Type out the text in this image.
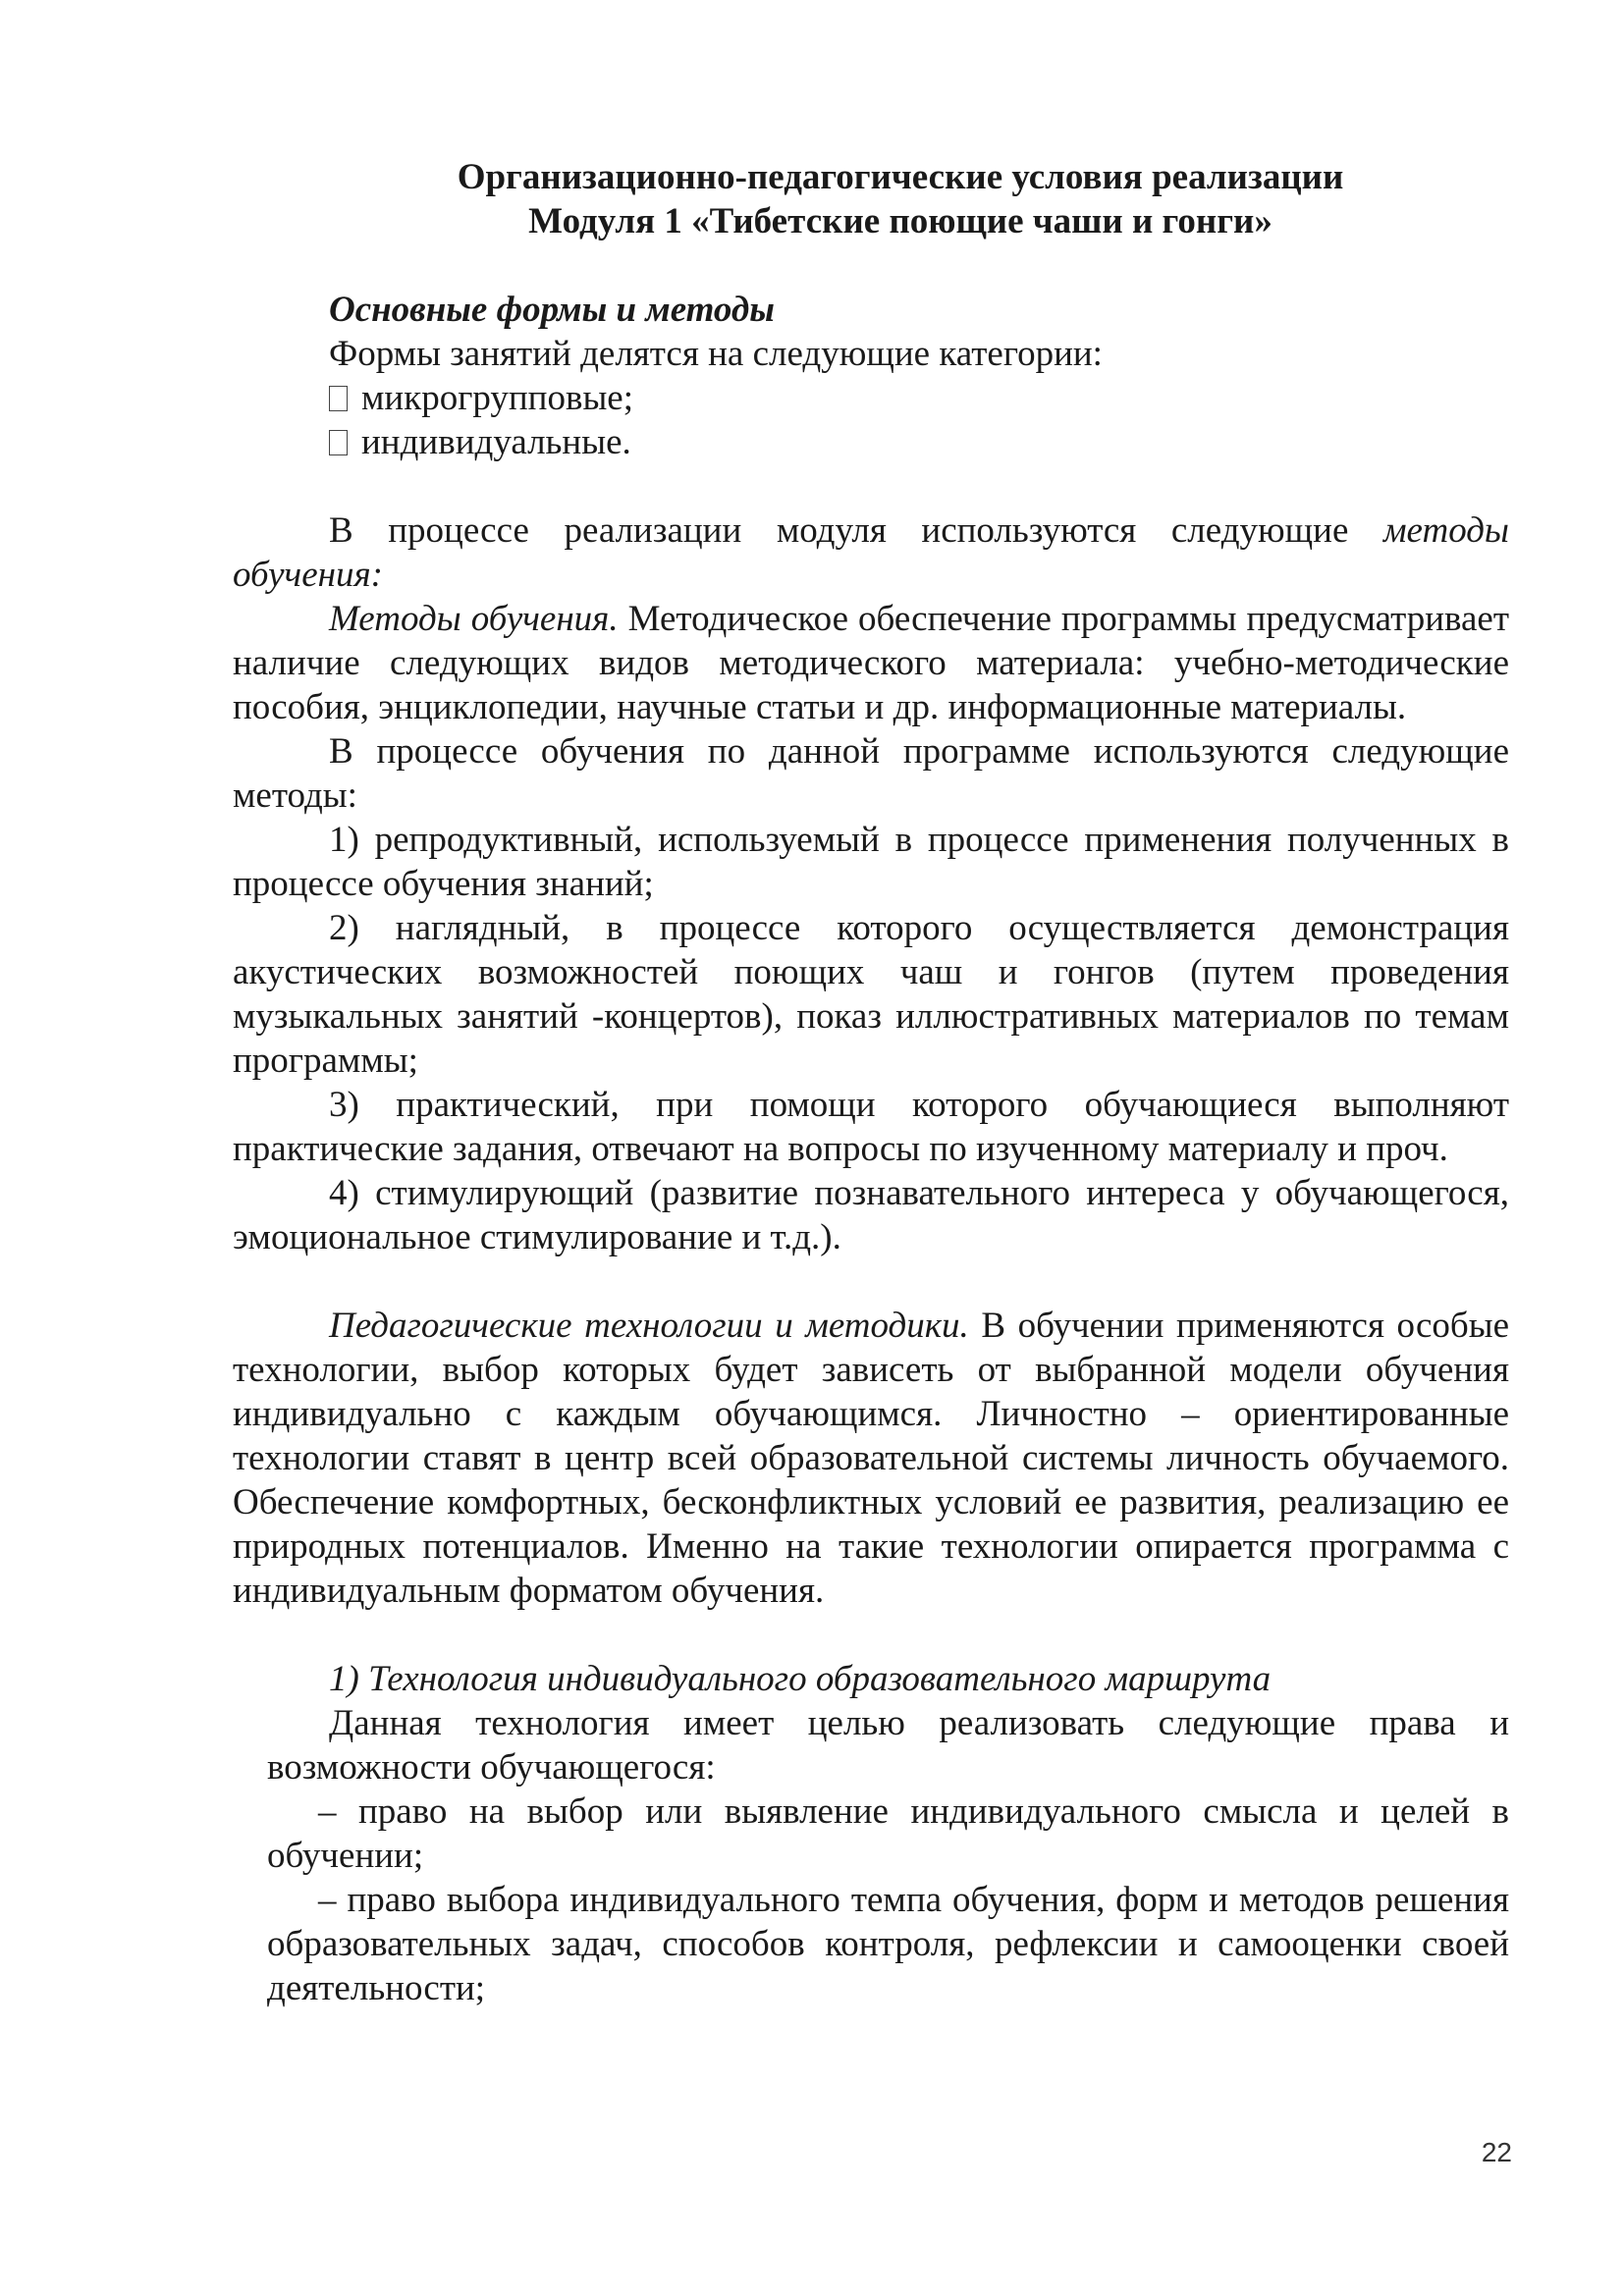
Организационно-педагогические условия реализации

Модуля 1 «Тибетские поющие чаши и гонги»

Основные формы и методы

Формы занятий делятся на следующие категории:

микрогрупповые;

индивидуальные.

В процессе реализации модуля используются следующие методы обучения:

Методы обучения. Методическое обеспечение программы предусматривает наличие следующих видов методического материала: учебно-методические пособия, энциклопедии, научные статьи и др. информационные материалы.

В процессе обучения по данной программе используются следующие методы:

1) репродуктивный, используемый в процессе применения полученных в процессе обучения знаний;

2) наглядный, в процессе которого осуществляется демонстрация акустических возможностей поющих чаш и гонгов (путем проведения музыкальных занятий -концертов), показ иллюстративных материалов по темам программы;

3) практический, при помощи которого обучающиеся выполняют практические задания, отвечают на вопросы по изученному материалу и проч.

4) стимулирующий (развитие познавательного интереса у обучающегося, эмоциональное стимулирование и т.д.).

Педагогические технологии и методики. В обучении применяются особые технологии, выбор которых будет зависеть от выбранной модели обучения индивидуально с каждым обучающимся. Личностно – ориентированные технологии ставят в центр всей образовательной системы личность обучаемого. Обеспечение комфортных, бесконфликтных условий ее развития, реализацию ее природных потенциалов. Именно на такие технологии опирается программа с индивидуальным форматом обучения.

1) Технология индивидуального образовательного маршрута

Данная технология имеет целью реализовать следующие права и возможности обучающегося:

– право на выбор или выявление индивидуального смысла и целей в обучении;

– право выбора индивидуального темпа обучения, форм и методов решения образовательных задач, способов контроля, рефлексии и самооценки своей деятельности;

22
